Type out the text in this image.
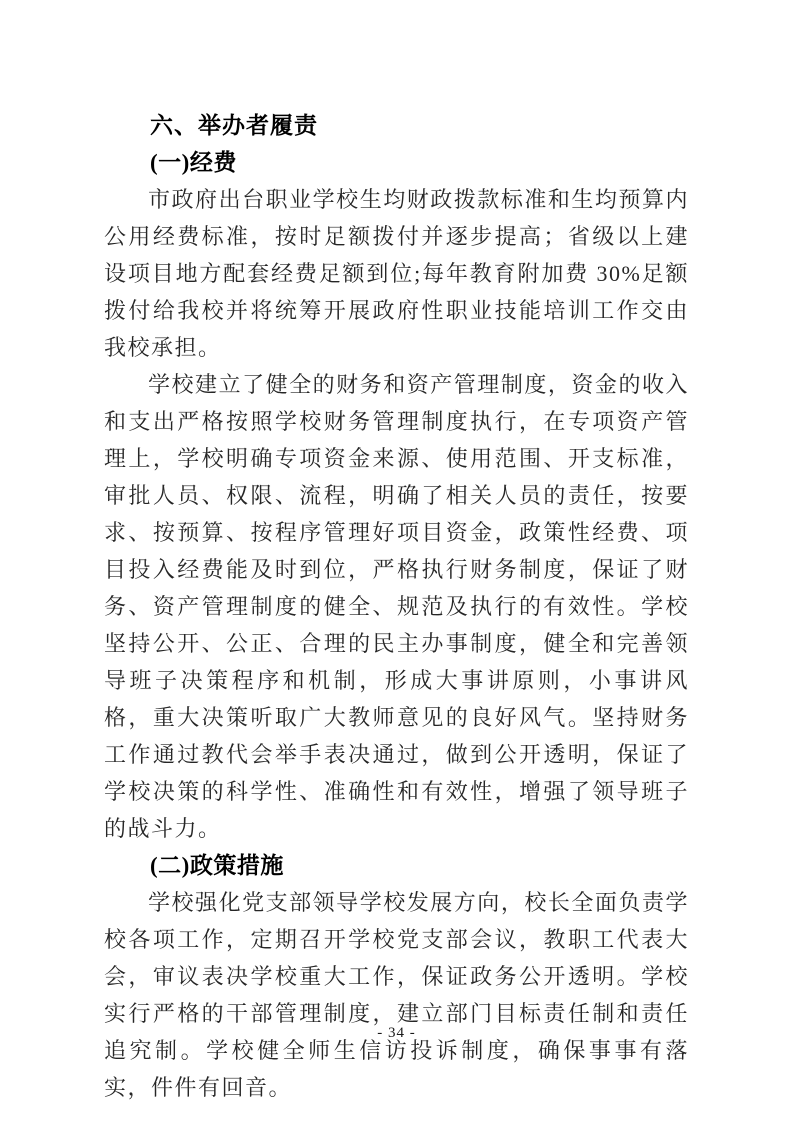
六、举办者履责
(一)经费

市政府出台职业学校生均财政拨款标准和生均预算内公用经费标准，按时足额拨付并逐步提高；省级以上建设项目地方配套经费足额到位;每年教育附加费 30%足额拨付给我校并将统筹开展政府性职业技能培训工作交由我校承担。

学校建立了健全的财务和资产管理制度，资金的收入和支出严格按照学校财务管理制度执行，在专项资产管理上，学校明确专项资金来源、使用范围、开支标准，审批人员、权限、流程，明确了相关人员的责任，按要求、按预算、按程序管理好项目资金，政策性经费、项目投入经费能及时到位，严格执行财务制度，保证了财务、资产管理制度的健全、规范及执行的有效性。学校坚持公开、公正、合理的民主办事制度，健全和完善领导班子决策程序和机制，形成大事讲原则，小事讲风格，重大决策听取广大教师意见的良好风气。坚持财务工作通过教代会举手表决通过，做到公开透明，保证了学校决策的科学性、准确性和有效性，增强了领导班子的战斗力。

(二)政策措施

学校强化党支部领导学校发展方向，校长全面负责学校各项工作，定期召开学校党支部会议，教职工代表大会，审议表决学校重大工作，保证政务公开透明。学校实行严格的干部管理制度，建立部门目标责任制和责任追究制。学校健全师生信访投诉制度，确保事事有落实，件件有回音。

- 34 -
